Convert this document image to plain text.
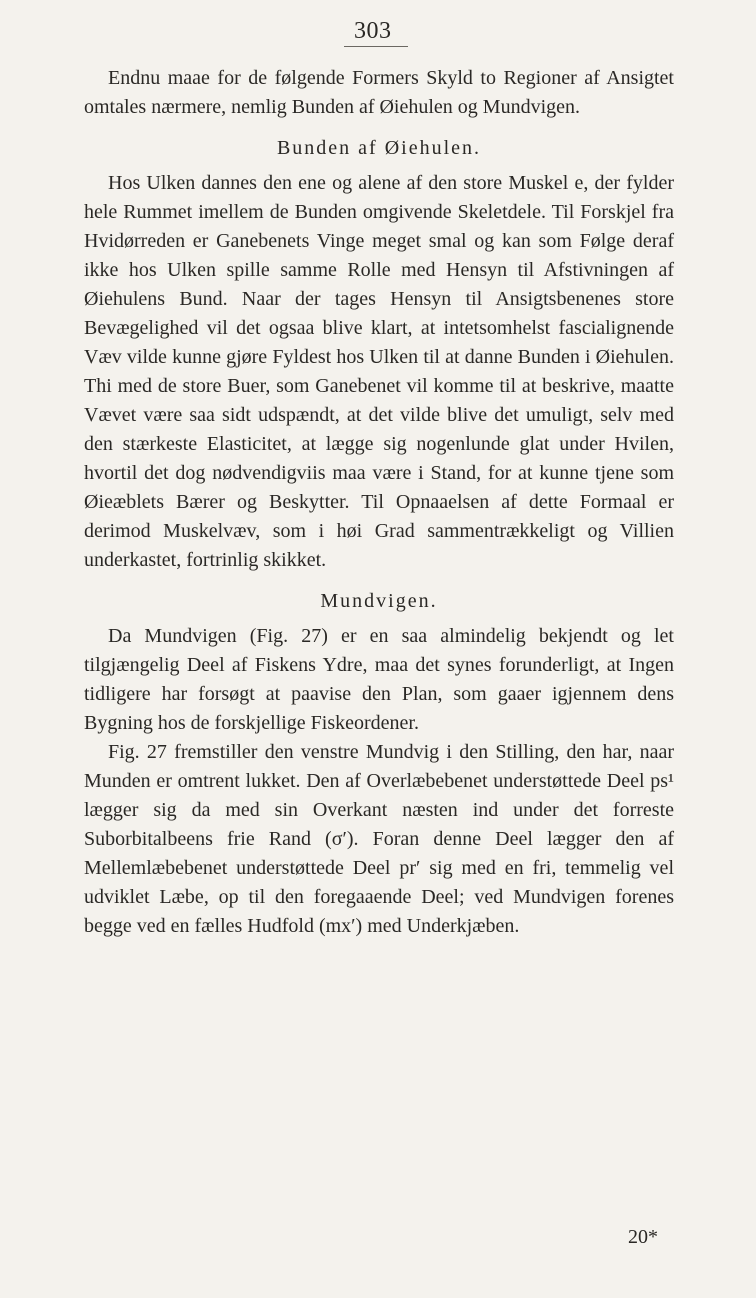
303

Endnu maae for de følgende Formers Skyld to Regioner af Ansigtet omtales nærmere, nemlig Bunden af Øiehulen og Mundvigen.

Bunden af Øiehulen.

Hos Ulken dannes den ene og alene af den store Muskel e, der fylder hele Rummet imellem de Bunden omgivende Skeletdele. Til Forskjel fra Hvidørreden er Ganebenets Vinge meget smal og kan som Følge deraf ikke hos Ulken spille samme Rolle med Hensyn til Afstivningen af Øiehulens Bund. Naar der tages Hensyn til Ansigtsbenenes store Bevægelighed vil det ogsaa blive klart, at intetsomhelst fascialignende Væv vilde kunne gjøre Fyldest hos Ulken til at danne Bunden i Øiehulen. Thi med de store Buer, som Ganebenet vil komme til at beskrive, maatte Vævet være saa sidt udspændt, at det vilde blive det umuligt, selv med den stærkeste Elasticitet, at lægge sig nogenlunde glat under Hvilen, hvortil det dog nødvendigviis maa være i Stand, for at kunne tjene som Øieæblets Bærer og Beskytter. Til Opnaaelsen af dette Formaal er derimod Muskelvæv, som i høi Grad sammentrækkeligt og Villien underkastet, fortrinlig skikket.

Mundvigen.

Da Mundvigen (Fig. 27) er en saa almindelig bekjendt og let tilgjængelig Deel af Fiskens Ydre, maa det synes forunderligt, at Ingen tidligere har forsøgt at paavise den Plan, som gaaer igjennem dens Bygning hos de forskjellige Fiskeordener.

Fig. 27 fremstiller den venstre Mundvig i den Stilling, den har, naar Munden er omtrent lukket. Den af Overlæbebenet understøttede Deel ps¹ lægger sig da med sin Overkant næsten ind under det forreste Suborbitalbeens frie Rand (σ′). Foran denne Deel lægger den af Mellemlæbebenet understøttede Deel pr′ sig med en fri, temmelig vel udviklet Læbe, op til den foregaaende Deel; ved Mundvigen forenes begge ved en fælles Hudfold (mx′) med Underkjæben.

20*
